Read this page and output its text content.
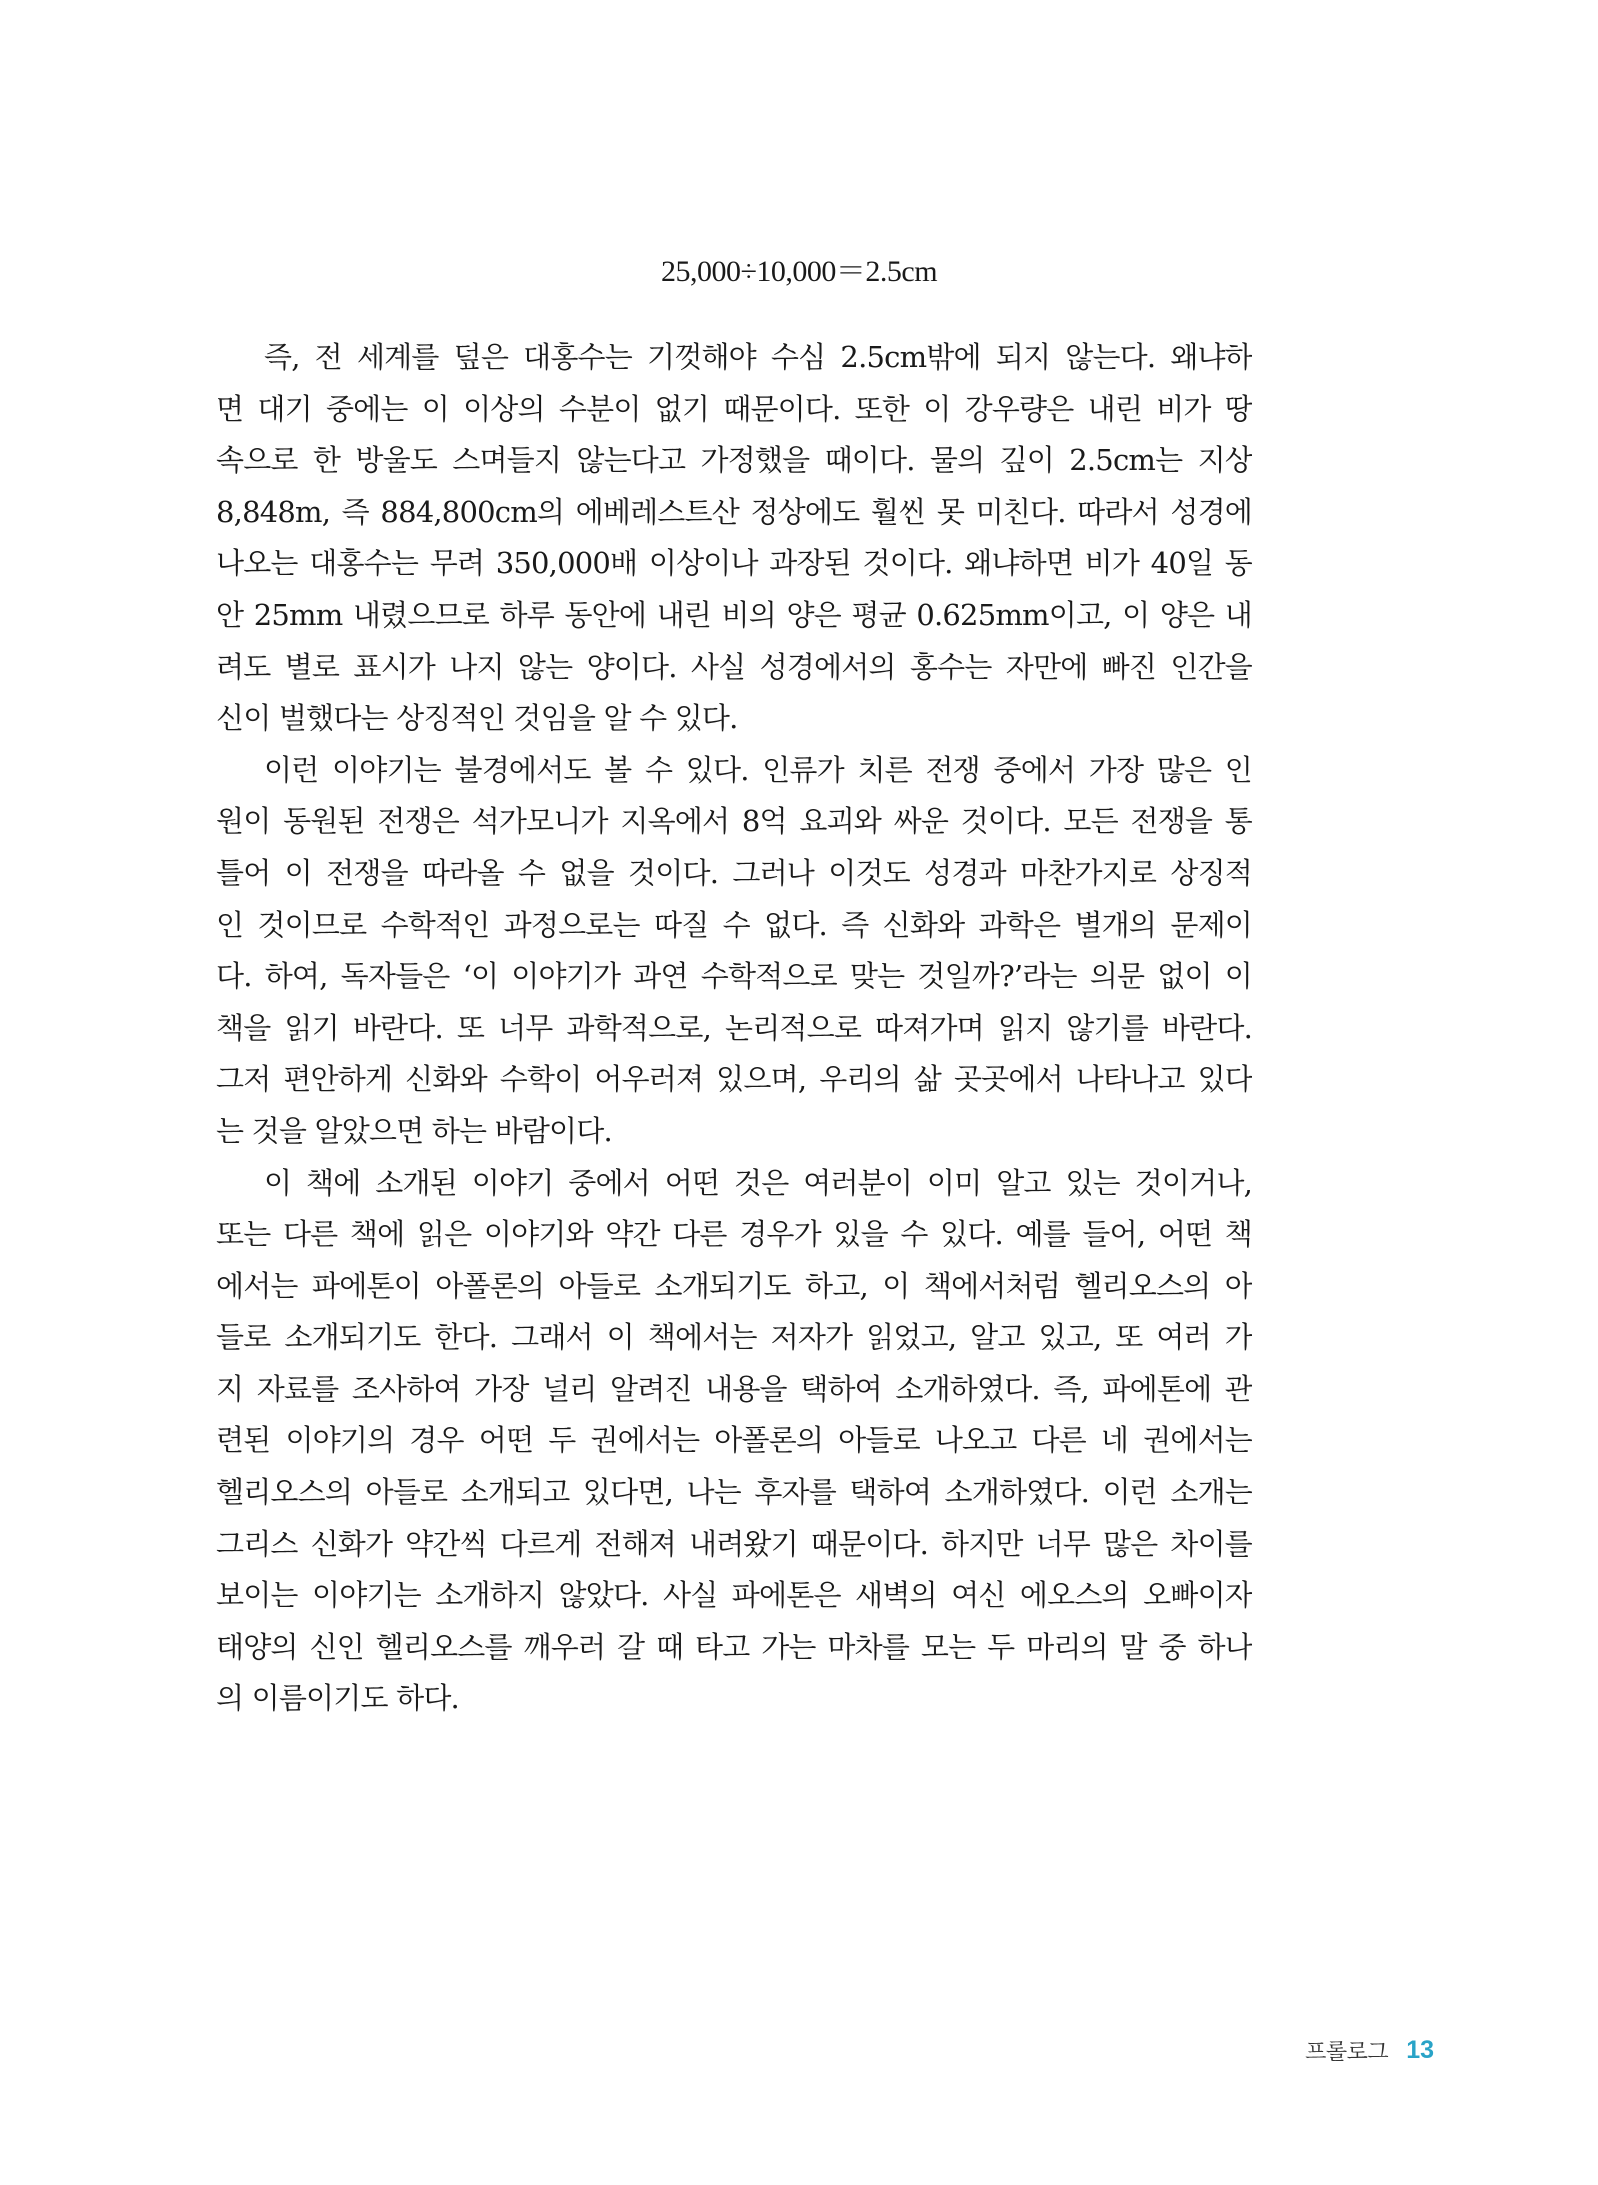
25,000÷10,000＝2.5cm
즉, 전 세계를 덮은 대홍수는 기껏해야 수심 2.5cm밖에 되지 않는다. 왜냐하
면 대기 중에는 이 이상의 수분이 없기 때문이다. 또한 이 강우량은 내린 비가 땅
속으로 한 방울도 스며들지 않는다고 가정했을 때이다. 물의 깊이 2.5cm는 지상
8,848m, 즉 884,800cm의 에베레스트산 정상에도 훨씬 못 미친다. 따라서 성경에
나오는 대홍수는 무려 350,000배 이상이나 과장된 것이다. 왜냐하면 비가 40일 동
안 25mm 내렸으므로 하루 동안에 내린 비의 양은 평균 0.625mm이고, 이 양은 내
려도 별로 표시가 나지 않는 양이다. 사실 성경에서의 홍수는 자만에 빠진 인간을
신이 벌했다는 상징적인 것임을 알 수 있다.
이런 이야기는 불경에서도 볼 수 있다. 인류가 치른 전쟁 중에서 가장 많은 인
원이 동원된 전쟁은 석가모니가 지옥에서 8억 요괴와 싸운 것이다. 모든 전쟁을 통
틀어 이 전쟁을 따라올 수 없을 것이다. 그러나 이것도 성경과 마찬가지로 상징적
인 것이므로 수학적인 과정으로는 따질 수 없다. 즉 신화와 과학은 별개의 문제이
다. 하여, 독자들은 ‘이 이야기가 과연 수학적으로 맞는 것일까?’라는 의문 없이 이
책을 읽기 바란다. 또 너무 과학적으로, 논리적으로 따져가며 읽지 않기를 바란다.
그저 편안하게 신화와 수학이 어우러져 있으며, 우리의 삶 곳곳에서 나타나고 있다
는 것을 알았으면 하는 바람이다.
이 책에 소개된 이야기 중에서 어떤 것은 여러분이 이미 알고 있는 것이거나,
또는 다른 책에 읽은 이야기와 약간 다른 경우가 있을 수 있다. 예를 들어, 어떤 책
에서는 파에톤이 아폴론의 아들로 소개되기도 하고, 이 책에서처럼 헬리오스의 아
들로 소개되기도 한다. 그래서 이 책에서는 저자가 읽었고, 알고 있고, 또 여러 가
지 자료를 조사하여 가장 널리 알려진 내용을 택하여 소개하였다. 즉, 파에톤에 관
련된 이야기의 경우 어떤 두 권에서는 아폴론의 아들로 나오고 다른 네 권에서는
헬리오스의 아들로 소개되고 있다면, 나는 후자를 택하여 소개하였다. 이런 소개는
그리스 신화가 약간씩 다르게 전해져 내려왔기 때문이다. 하지만 너무 많은 차이를
보이는 이야기는 소개하지 않았다. 사실 파에톤은 새벽의 여신 에오스의 오빠이자
태양의 신인 헬리오스를 깨우러 갈 때 타고 가는 마차를 모는 두 마리의 말 중 하나
의 이름이기도 하다.
프롤로그 13
